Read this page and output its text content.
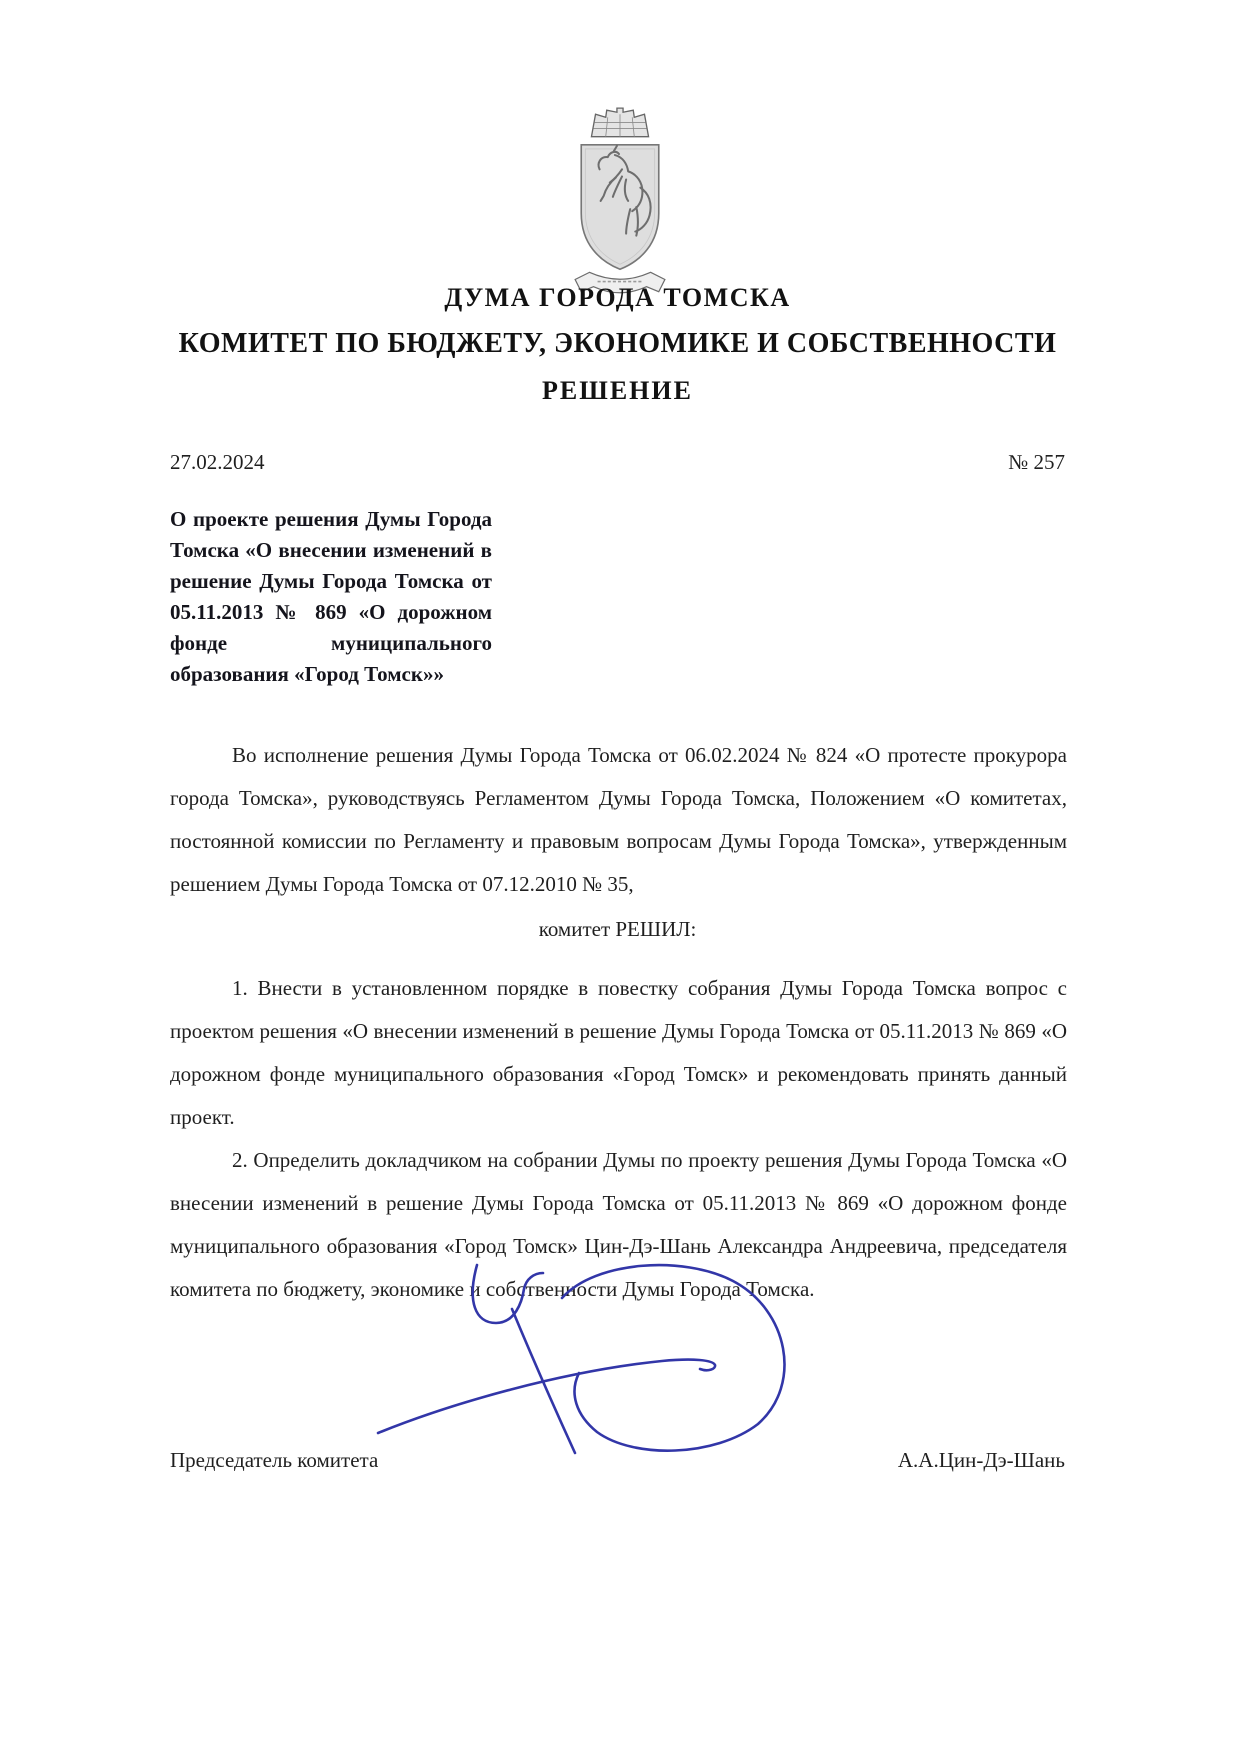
ДУМА ГОРОДА ТОМСКА
КОМИТЕТ ПО БЮДЖЕТУ, ЭКОНОМИКЕ И СОБСТВЕННОСТИ
РЕШЕНИЕ
27.02.2024	№ 257
О проекте решения Думы Города Томска «О внесении изменений в решение Думы Города Томска от 05.11.2013 № 869 «О дорожном фонде муниципального образования «Город Томск»»

Во исполнение решения Думы Города Томска от 06.02.2024 № 824 «О протесте прокурора города Томска», руководствуясь Регламентом Думы Города Томска, Положением «О комитетах, постоянной комиссии по Регламенту и правовым вопросам Думы Города Томска», утвержденным решением Думы Города Томска от 07.12.2010 № 35,

комитет РЕШИЛ:

1. Внести в установленном порядке в повестку собрания Думы Города Томска вопрос с проектом решения «О внесении изменений в решение Думы Города Томска от 05.11.2013 № 869 «О дорожном фонде муниципального образования «Город Томск» и рекомендовать принять данный проект.

2. Определить докладчиком на собрании Думы по проекту решения Думы Города Томска «О внесении изменений в решение Думы Города Томска от 05.11.2013 № 869 «О дорожном фонде муниципального образования «Город Томск» Цин-Дэ-Шань Александра Андреевича, председателя комитета по бюджету, экономике и собственности Думы Города Томска.

Председатель комитета	А.А.Цин-Дэ-Шань
